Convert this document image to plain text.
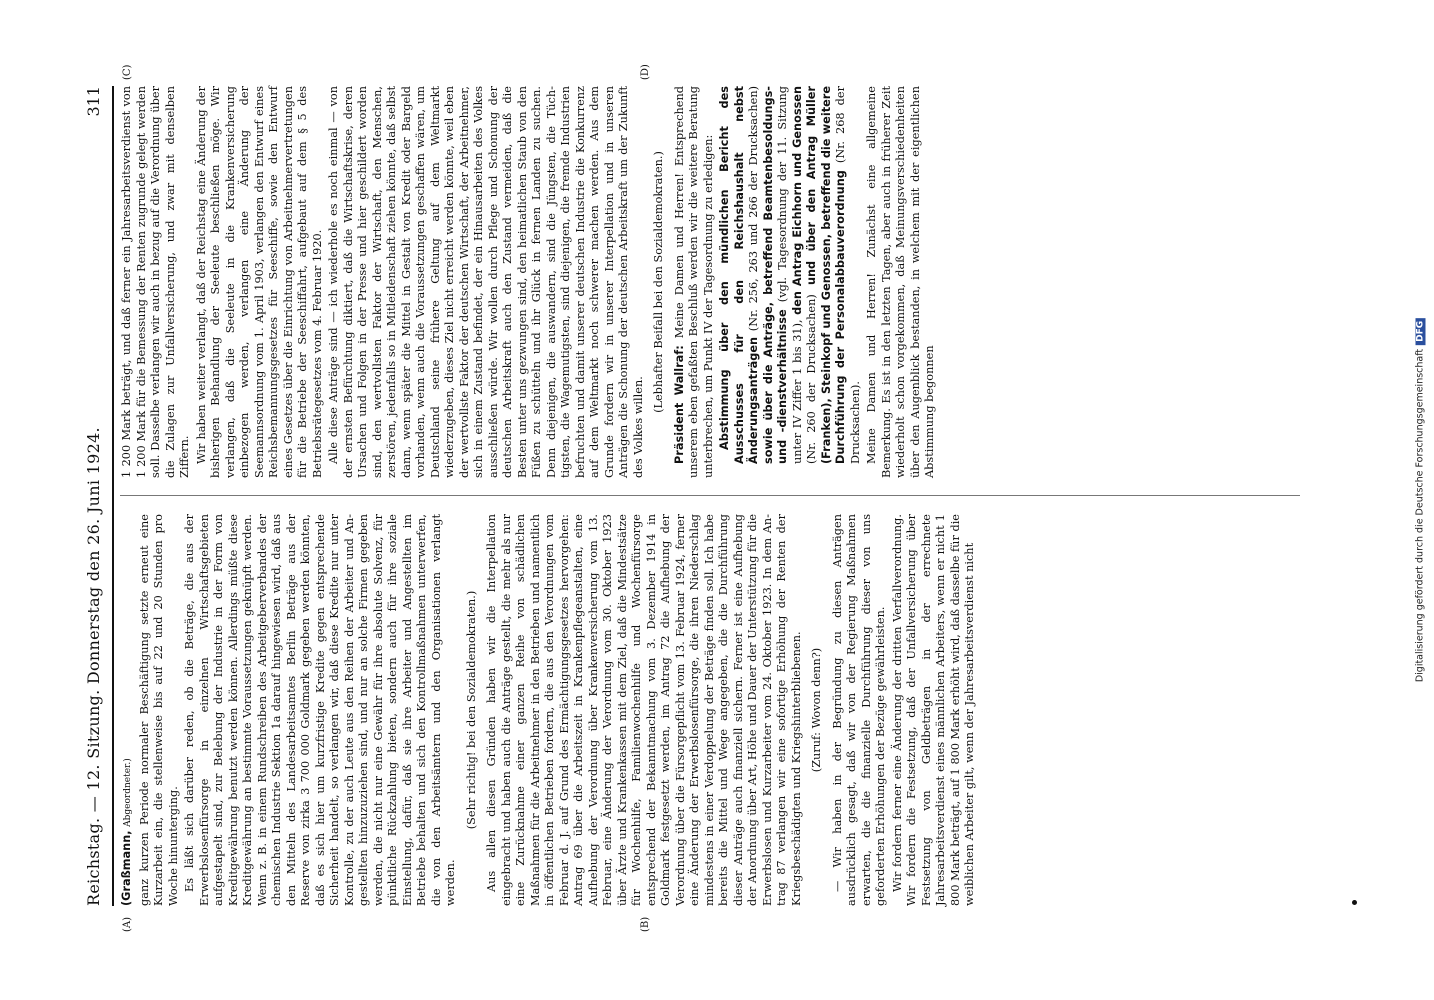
Reichstag. — 12. Sitzung. Donnerstag den 26. Juni 1924.
311
(A)	(B)
(C)	(D)

(Graßmann, Abgeordneter.) ganz kurzen Periode normaler Beschäftigung setzte erneut eine Kurzarbeit ein, die stellenweise bis auf 22 und 20 Stunden pro Woche hinunterging. Es läßt sich darüber reden, ob die Beträge, die aus der Erwerbslosenfürsorge in einzelnen Wirtschaftsgebieten aufgestapelt sind, zur Belebung der Industrie in der Form von Kreditgewährung benutzt werden können. Allerdings müßte diese Kreditgewährung an bestimmte Voraussetzungen geknüpft werden. Wenn z. B. in einem Rundschreiben des Arbeitgeberverbandes der chemischen Industrie Sektion 1a darauf hingewiesen wird, daß aus den Mitteln des Landesarbeitsamtes Berlin Beträge aus der Reserve von zirka 3 700 000 Goldmark gegeben werden könnten, daß es sich hier um kurzfristige Kredite gegen entsprechende Sicherheit handelt, so verlangen wir, daß diese Kredite nur unter Kontrolle, zu der auch Leute aus den Reihen der Arbeiter und Angestellten hinzuzuziehen sind, und nur an solche Firmen gegeben werden, die nicht nur eine Gewähr für ihre absolute Solvenz, für pünktliche Rückzahlung bieten, sondern auch für ihre soziale Einstellung, dafür, daß sie ihre Arbeiter und Angestellten im Betriebe behalten und sich den Kontrollmaßnahmen unterwerfen, die von den Arbeitsämtern und den Organisationen verlangt werden.

(Sehr richtig! bei den Sozialdemokraten.) Aus allen diesen Gründen haben wir die Interpellation eingebracht und haben auch die Anträge gestellt, die mehr als nur eine Zurücknahme einer ganzen Reihe von schädlichen Maßnahmen für die Arbeitnehmer in den Betrieben und namentlich in öffentlichen Betrieben fordern, die aus den Verordnungen vom Februar d. J. auf Grund des Ermächtigungsgesetzes hervorgehen: Antrag 69 über die Arbeitszeit in Krankenpflegeanstalten, eine Aufhebung der Verordnung über Krankenversicherung vom 13. Februar, eine Änderung der Verordnung vom 30. Oktober 1923 über Ärzte und Krankenkassen mit dem Ziel, daß die Mindestsätze für Wochenhilfe, Familienwochenhilfe und Wochenfürsorge entsprechend der Bekanntmachung vom 3. Dezember 1914 in Goldmark festgesetzt werden, im Antrag 72 die Aufhebung der Verordnung über die Fürsorgepflicht vom 13. Februar 1924, ferner eine Änderung der Erwerbslosenfürsorge, die ihren Niederschlag mindestens in einer Verdoppelung der Beträge finden soll. Ich habe bereits die Mittel und Wege angegeben, die die Durchführung dieser Anträge auch finanziell sichern. Ferner ist eine Aufhebung der Anordnung über Art, Höhe und Dauer der Unterstützung für die Erwerbslosen und Kurzarbeiter vom 24. Oktober 1923. In dem Antrag 87 verlangen wir eine sofortige Erhöhung der Renten der Kriegsbeschädigten und Kriegshinterbliebenen. (Zuruf: Wovon denn?) — Wir haben in der Begründung zu diesen Anträgen ausdrücklich gesagt, daß wir von der Regierung Maßnahmen erwarten, die die finanzielle Durchführung dieser von uns geforderten Erhöhungen der Bezüge gewährleisten. Wir fordern ferner eine Änderung der dritten Verfallverordnung. Wir fordern die Festsetzung, daß der Unfallversicherung über Festsetzung von Geldbeträgen in der errechnete Jahresarbeitsverdienst eines männlichen Arbeiters, wenn er nicht 1 800 Mark beträgt, auf 1 800 Mark erhöht wird, daß dasselbe für die weiblichen Arbeiter gilt, wenn der Jahresarbeitsverdienst nicht

1 200 Mark beträgt, und daß ferner ein Jahresarbeitsverdienst von 1 200 Mark für die Bemessung der Renten zugrunde gelegt werden soll. Dasselbe verlangen wir auch in bezug auf die Verordnung über die Zulagen zur Unfallversicherung, und zwar mit denselben Ziffern. Wir haben weiter verlangt, daß der Reichstag eine Änderung der bisherigen Behandlung der Seeleute beschließen möge. Wir verlangen, daß die Seeleute in die Krankenversicherung einbezogen werden, verlangen eine Änderung der Seemannsordnung vom 1. April 1903, verlangen den Entwurf eines Reichsbemannungsgesetzes für Seeschiffe, sowie den Entwurf eines Gesetzes über die Einrichtung von Arbeitnehmervertretungen für die Betriebe der Seeschiffahrt, aufgebaut auf dem § 5 des Betriebsrätegesetzes vom 4. Februar 1920. Alle diese Anträge sind — ich wiederhole es noch einmal — von der ernsten Befürchtung diktiert, daß die Wirtschaftskrise, deren Ursachen und Folgen in der Presse und hier geschildert worden sind, den wertvollsten Faktor der Wirtschaft, den Menschen, zerstören, jedenfalls so in Mitleidenschaft ziehen könnte, daß selbst dann, wenn später die Mittel in Gestalt von Kredit oder Bargeld vorhanden, wenn auch die Voraussetzungen geschaffen wären, um Deutschland seine frühere Geltung auf dem Weltmarkt wiederzugeben, dieses Ziel nicht erreicht werden könnte, weil eben der wertvollste Faktor der deutschen Wirtschaft, der Arbeitnehmer, sich in einem Zustand befindet, der ein Hinausarbeiten des Volkes ausschließen würde. Wir wollen durch Pflege und Schonung der deutschen Arbeitskraft auch den Zustand vermeiden, daß die Besten unter uns gezwungen sind, den heimatlichen Staub von den Füßen zu schütteln und ihr Glück in fernen Landen zu suchen. Denn diejenigen, die auswandern, sind die Jüngsten, die Tüchtigsten, die Wagemutigsten, sind diejenigen, die fremde Industrien befruchten und damit unserer deutschen Industrie die Konkurrenz auf dem Weltmarkt noch schwerer machen werden. Aus dem Grunde fordern wir in unserer Interpellation und in unseren Anträgen die Schonung der deutschen Arbeitskraft um der Zukunft des Volkes willen.

(Lebhafter Beifall bei den Sozialdemokraten.) Präsident Wallraf: Meine Damen und Herren! Entsprechend unserem eben gefaßten Beschluß werden wir die weitere Beratung unterbrechen, um Punkt IV der Tagesordnung zu erledigen: Abstimmung über den mündlichen Bericht des Ausschusses für den Reichshaushalt nebst Änderungsanträgen (Nr. 256, 263 und 266 der Drucksachen) sowie über die Anträge, betreffend Beamtenbesoldungs- und -dienstverhältnisse (vgl. Tagesordnung der 11. Sitzung unter IV Ziffer 1 bis 31), den Antrag Eichhorn und Genossen (Nr. 260 der Drucksachen) und über den Antrag Müller (Franken), Steinkopf und Genossen, betreffend die weitere Durchführung der Personalabbauverordnung (Nr. 268 der Drucksachen). Meine Damen und Herren! Zunächst eine allgemeine Bemerkung. Es ist in den letzten Tagen, aber auch in früherer Zeit wiederholt schon vorgekommen, daß Meinungsverschiedenheiten über den Augenblick bestanden, in welchem mit der eigentlichen Abstimmung begonnen	Digitalisierung gefördert durch die Deutsche ForschungsgemeinschaftDFG
